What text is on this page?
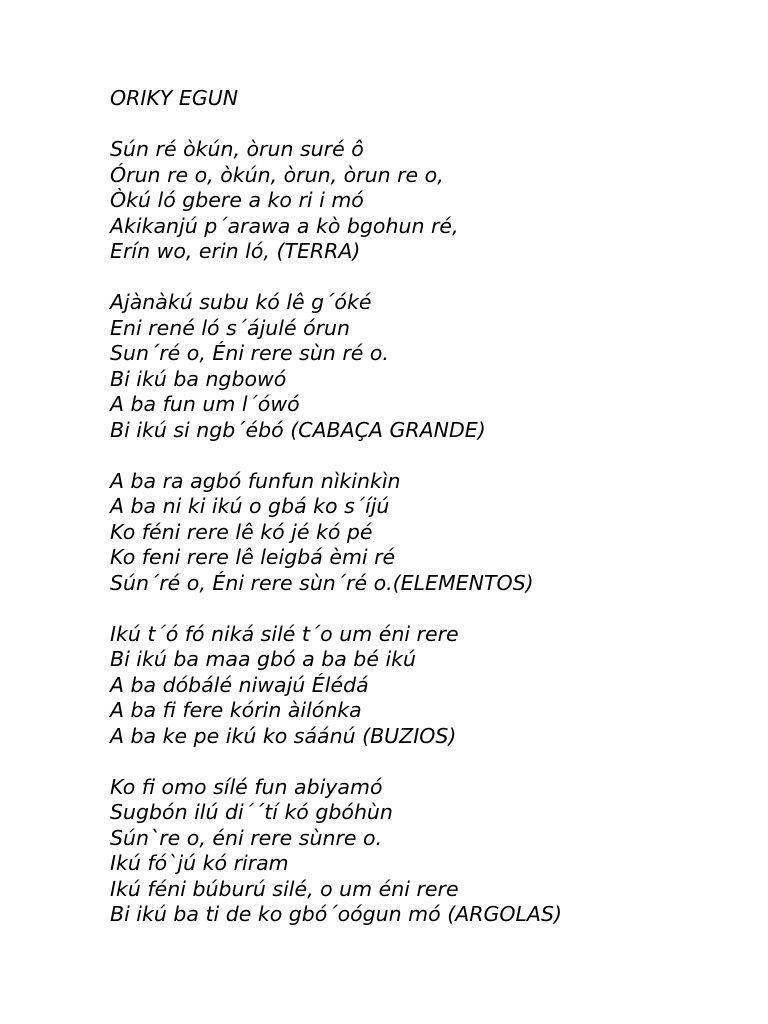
ORIKY EGUN
Sún ré òkún, òrun suré ô
Órun re o, òkún, òrun, òrun re o,
Òkú ló gbere a ko ri i mó
Akikanjú p´arawa a kò bgohun ré,
Erín wo, erin ló, (TERRA)
Ajànàkú subu kó lê g´óké
Eni rené ló s´ájulé órun
Sun´ré o, Éni rere sùn ré o.
Bi ikú ba ngbowó
A ba fun um l´ówó
Bi ikú si ngb´ébó (CABAÇA GRANDE)
A ba ra agbó funfun nìkinkìn
A ba ni ki ikú o gbá ko s´íjú
Ko féni rere lê kó jé kó pé
Ko feni rere lê leigbá èmi ré
Sún´ré o, Éni rere sùn´ré o.(ELEMENTOS)
Ikú t´ó fó niká silé t´o um éni rere
Bi ikú ba maa gbó a ba bé ikú
A ba dóbálé niwajú Élédá
A ba fi fere kórin àilónka
A ba ke pe ikú ko sáánú (BUZIOS)
Ko fi omo sílé fun abiyamó
Sugbón ilú di´´tí kó gbóhùn
Sún`re o, éni rere sùnre o.
Ikú fó`jú kó riram
Ikú féni búburú silé, o um éni rere
Bi ikú ba ti de ko gbó´oógun mó (ARGOLAS)
